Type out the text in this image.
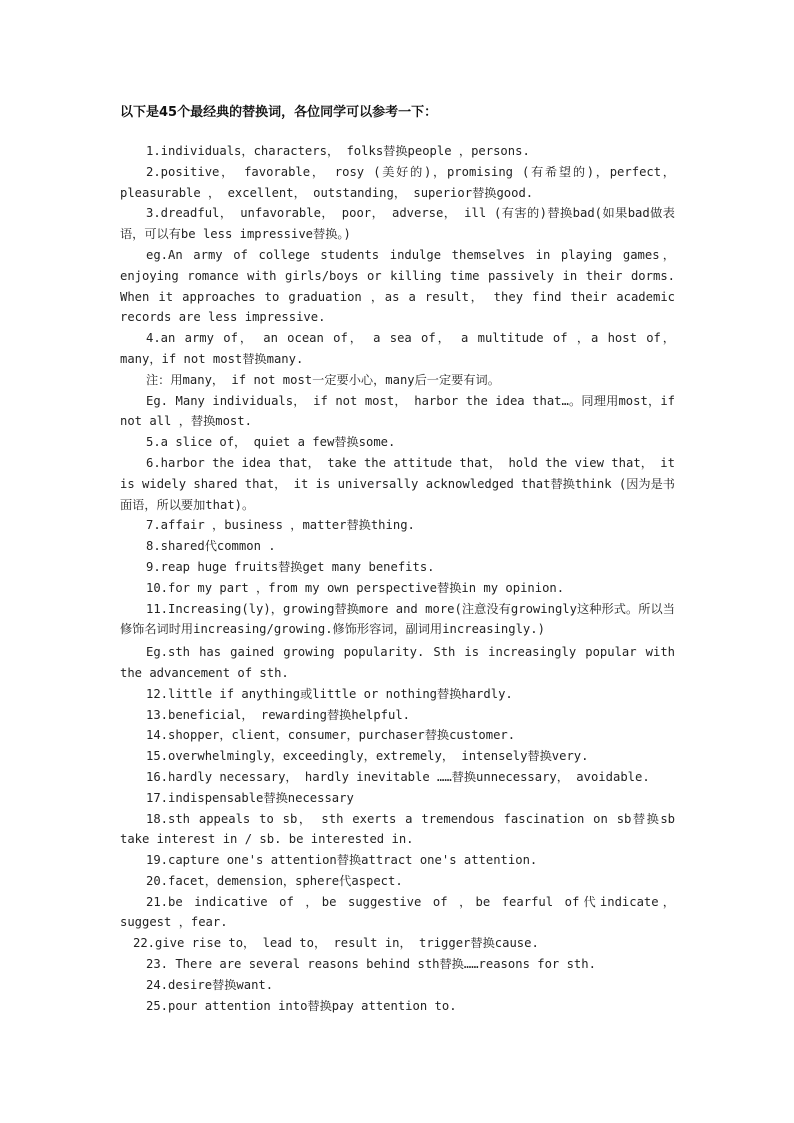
以下是45个最经典的替换词，各位同学可以参考一下：

1.individuals，characters， folks替换people ，persons.

2.positive， favorable， rosy (美好的)，promising (有希望的)，perfect， pleasurable ， excellent， outstanding， superior替换good.

3.dreadful， unfavorable， poor， adverse， ill (有害的)替换bad(如果bad做表语，可以有be less impressive替换。)

eg.An army of college students indulge themselves in playing games，enjoying romance with girls/boys or killing time passively in their dorms. When it approaches to graduation ，as a result， they find their academic records are less impressive.

4.an army of， an ocean of， a sea of， a multitude of ，a host of， many，if not most替换many.

注：用many， if not most一定要小心，many后一定要有词。

Eg. Many individuals， if not most， harbor the idea that…。同理用most，if not all ，替换most.

5.a slice of， quiet a few替换some.

6.harbor the idea that， take the attitude that， hold the view that， it is widely shared that， it is universally acknowledged that替换think (因为是书面语，所以要加that)。

7.affair ，business ，matter替换thing.

8.shared代common .

9.reap huge fruits替换get many benefits.

10.for my part ，from my own perspective替换in my opinion.

11.Increasing(ly)，growing替换more and more(注意没有growingly这种形式。所以当修饰名词时用increasing/growing.修饰形容词，副词用increasingly.)

Eg.sth has gained growing popularity. Sth is increasingly popular with the advancement of sth.

12.little if anything或little or nothing替换hardly.

13.beneficial， rewarding替换helpful.

14.shopper，client，consumer，purchaser替换customer.

15.overwhelmingly，exceedingly，extremely， intensely替换very.

16.hardly necessary， hardly inevitable ……替换unnecessary， avoidable.

17.indispensable替换necessary

18.sth appeals to sb， sth exerts a tremendous fascination on sb替换sb take interest in / sb. be interested in.

19.capture one's attention替换attract one's attention.

20.facet，demension，sphere代aspect.

21.be indicative of ，be suggestive of ，be fearful of代indicate， suggest ，fear.

22.give rise to， lead to， result in， trigger替换cause.

23. There are several reasons behind sth替换……reasons for sth.

24.desire替换want.

25.pour attention into替换pay attention to.
